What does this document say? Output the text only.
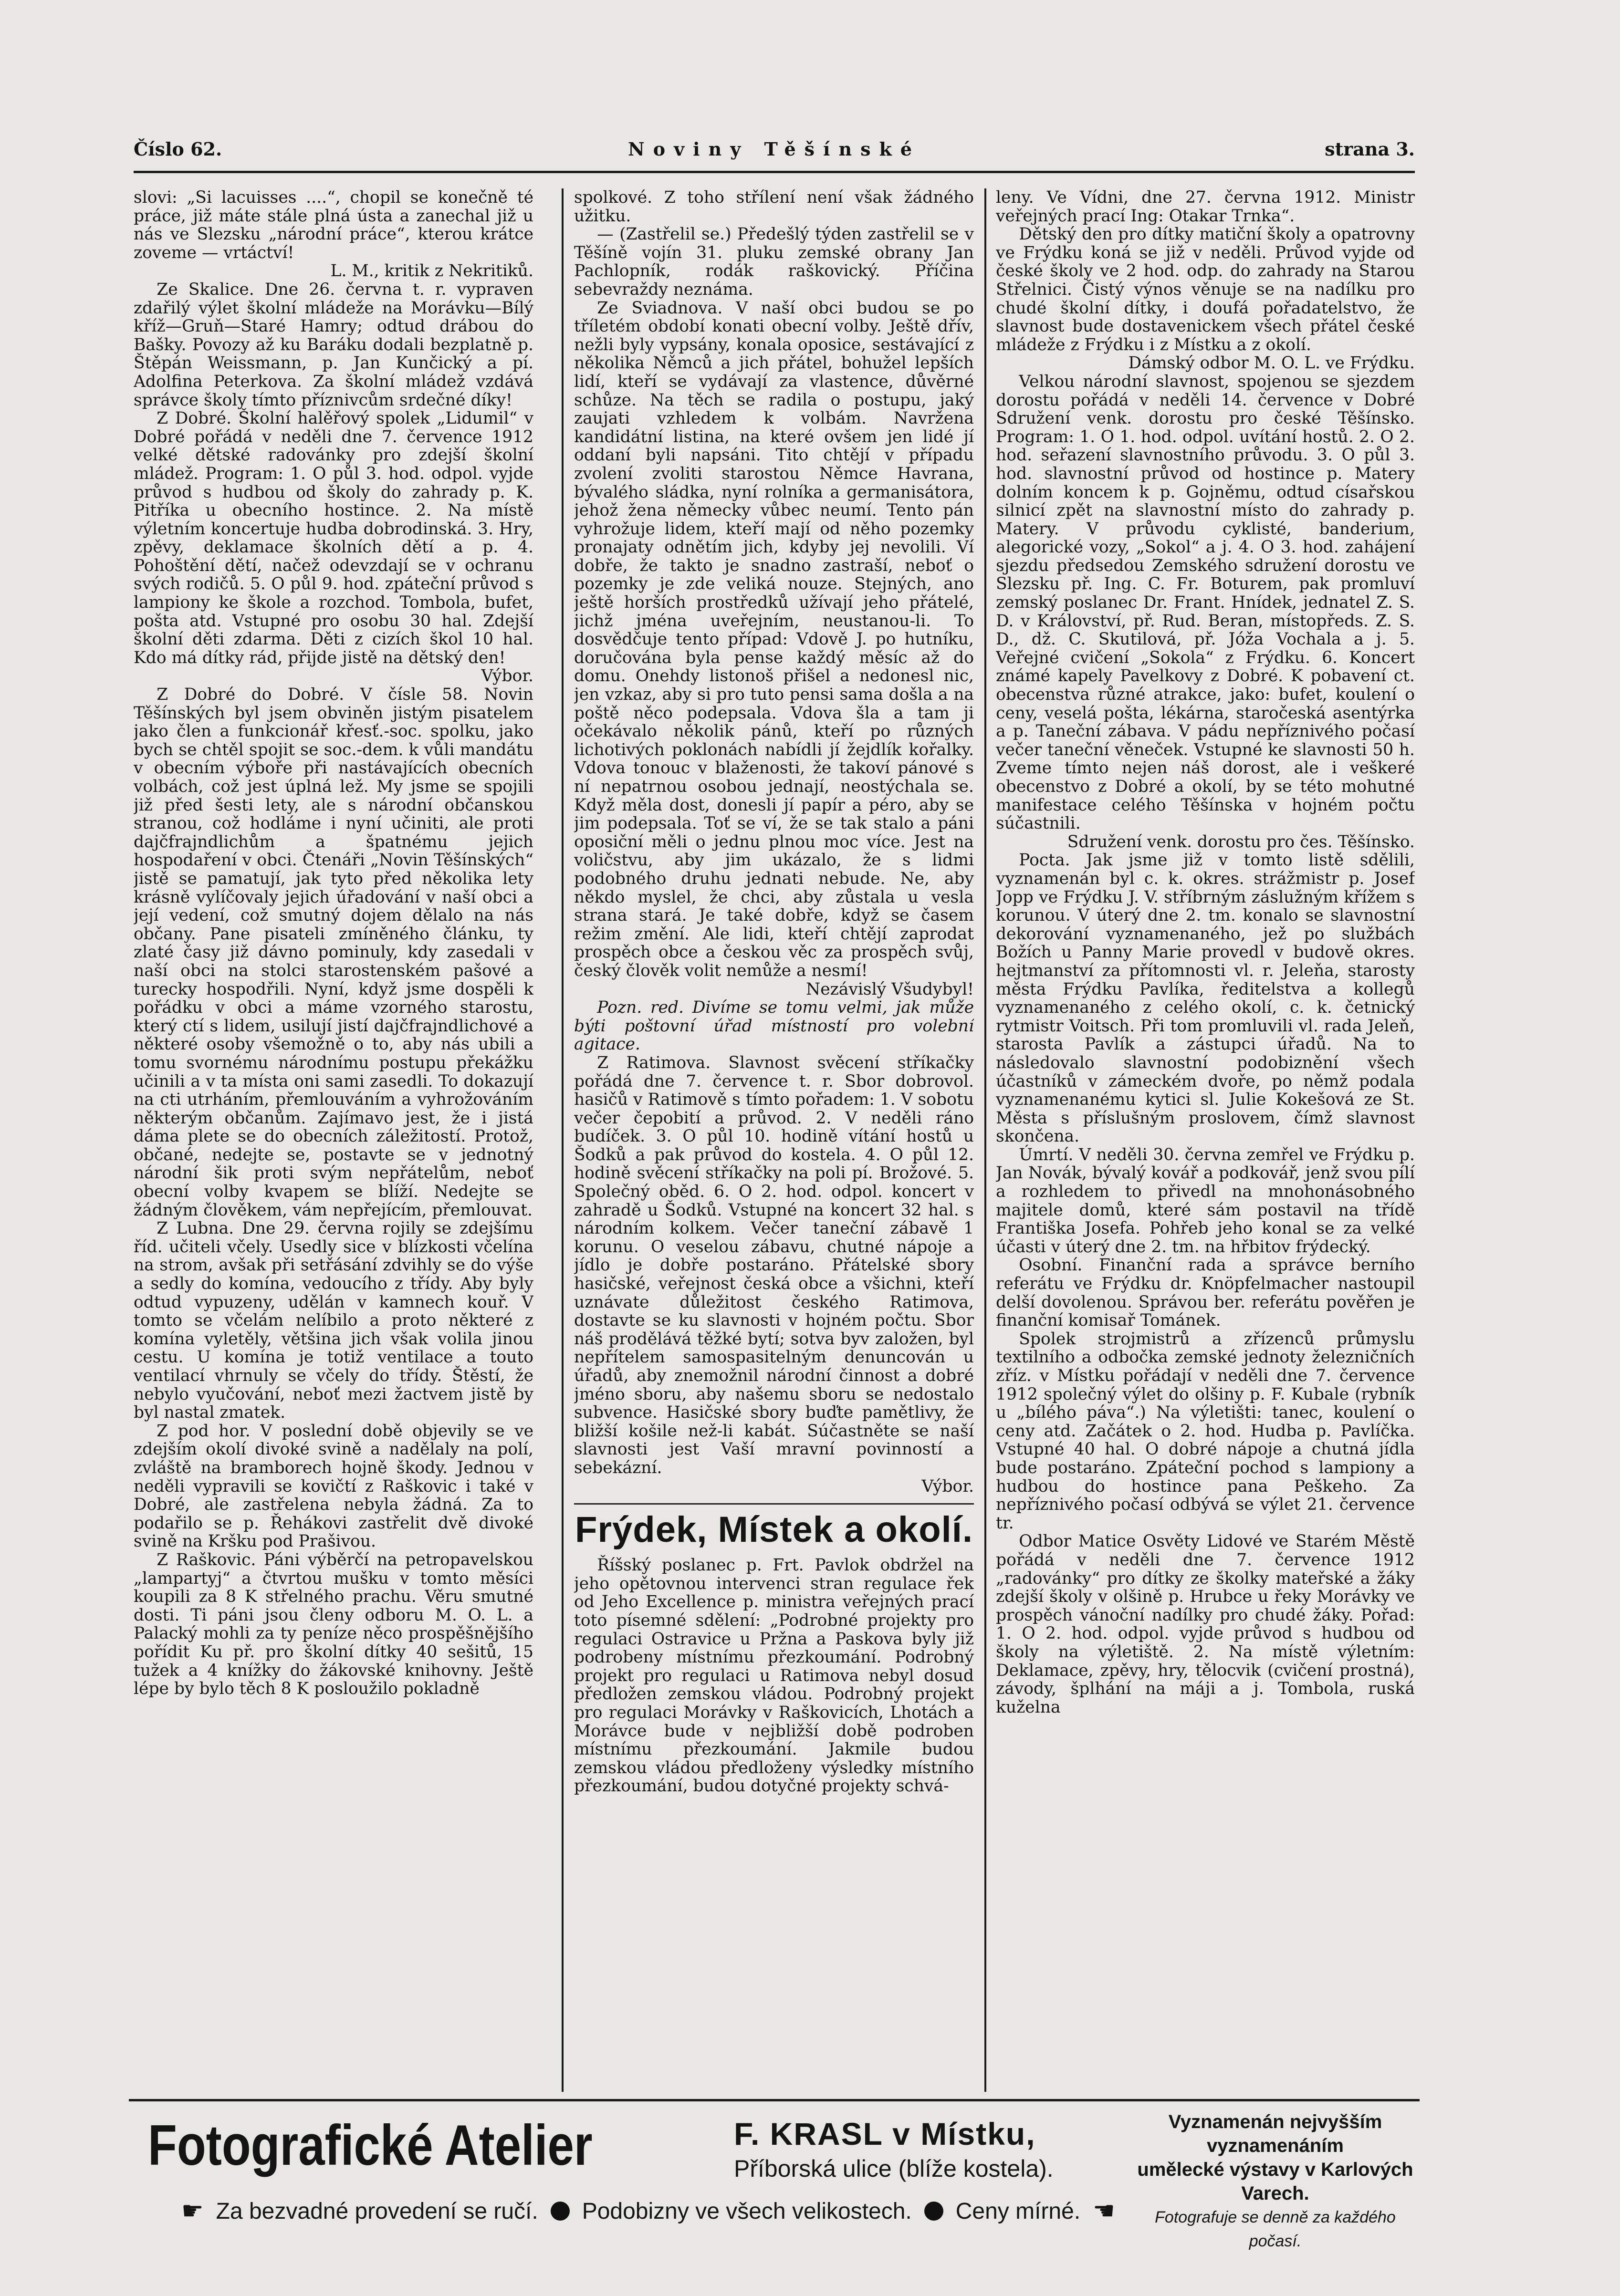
Číslo 62.	Noviny Těšínské	strana 3.

slovi: „Si lacuisses ....“, chopil se konečně té práce, již máte stále plná ústa a zanechal již u nás ve Slezsku „národní práce“, kterou krátce zoveme — vrtáctví!

L. M., kritik z Nekritiků.

Ze Skalice. Dne 26. června t. r. vypraven zdařilý výlet školní mládeže na Morávku—Bílý kříž—Gruň—Staré Hamry; odtud drábou do Bašky. Povozy až ku Baráku dodali bezplatně p. Štěpán Weissmann, p. Jan Kunčický a pí. Adolfina Peterkova. Za školní mládež vzdává správce školy tímto příznivcům srdečné díky!

Z Dobré. Školní halěřový spolek „Lidumil“ v Dobré pořádá v neděli dne 7. července 1912 velké dětské radovánky pro zdejší školní mládež. Program: 1. O půl 3. hod. odpol. vyjde průvod s hudbou od školy do zahrady p. K. Pitříka u obecního hostince. 2. Na místě výletním koncertuje hudba dobrodinská. 3. Hry, zpěvy, deklamace školních dětí a p. 4. Pohoštění dětí, načež odevzdají se v ochranu svých rodičů. 5. O půl 9. hod. zpáteční průvod s lampiony ke škole a rozchod. Tombola, bufet, pošta atd. Vstupné pro osobu 30 hal. Zdejší školní děti zdarma. Děti z cizích škol 10 hal. Kdo má dítky rád, přijde jistě na dětský den!

Výbor.

Z Dobré do Dobré. V čísle 58. Novin Těšínských byl jsem obviněn jistým pisatelem jako člen a funkcionář křesť.-soc. spolku, jako bych se chtěl spojit se soc.-dem. k vůli mandátu v obecním výboře při nastávajících obecních volbách, což jest úplná lež. My jsme se spojili již před šesti lety, ale s národní občanskou stranou, což hodláme i nyní učiniti, ale proti dajčfrajndlichům a špatnému jejich hospodaření v obci. Čtenáři „Novin Těšínských“ jistě se pamatují, jak tyto před několika lety krásně vylíčovaly jejich úřadování v naší obci a její vedení, což smutný dojem dělalo na nás občany. Pane pisateli zmíněného článku, ty zlaté časy již dávno pominuly, kdy zasedali v naší obci na stolci starostenském pašové a turecky hospodřili. Nyní, když jsme dospěli k pořádku v obci a máme vzorného starostu, který ctí s lidem, usilují jistí dajčfrajndlichové a některé osoby všemožně o to, aby nás ubili a tomu svornému národnímu postupu překážku učinili a v ta místa oni sami zasedli. To dokazují na cti utrháním, přemlouváním a vyhrožováním některým občanům. Zajímavo jest, že i jistá dáma plete se do obecních záležitostí. Protož, občané, nedejte se, postavte se v jednotný národní šik proti svým nepřátelům, neboť obecní volby kvapem se blíží. Nedejte se žádným člověkem, vám nepřejícím, přemlouvat.

Z Lubna. Dne 29. června rojily se zdejšímu říd. učiteli včely. Usedly sice v blízkosti včelína na strom, avšak při setřásání zdvihly se do výše a sedly do komína, vedoucího z třídy. Aby byly odtud vypuzeny, udělán v kamnech kouř. V tomto se včelám nelíbilo a proto některé z komína vyletěly, většina jich však volila jinou cestu. U komína je totiž ventilace a touto ventilací vhrnuly se včely do třídy. Štěstí, že nebylo vyučování, neboť mezi žactvem jistě by byl nastal zmatek.

Z pod hor. V poslední době objevily se ve zdejším okolí divoké svině a nadělaly na polí, zvláště na bramborech hojně škody. Jednou v neděli vypravili se kovičtí z Raškovic i také v Dobré, ale zastřelena nebyla žádná. Za to podařilo se p. Řehákovi zastřelit dvě divoké svině na Kršku pod Prašivou.

Z Raškovic. Páni výběrčí na petropavelskou „lampartyj“ a čtvrtou mušku v tomto měsíci koupili za 8 K střelného prachu. Věru smutné dosti. Ti páni jsou členy odboru M. O. L. a Palacký mohli za ty peníze něco prospěšnějšího pořídit Ku př. pro školní dítky 40 sešitů, 15 tužek a 4 knížky do žákovské knihovny. Ještě lépe by bylo těch 8 K posloužilo pokladně

spolkové. Z toho střílení není však žádného užitku.

— (Zastřelil se.) Předešlý týden zastřelil se v Těšíně vojín 31. pluku zemské obrany Jan Pachlopník, rodák raškovický. Příčina sebevraždy neznáma.

Ze Sviadnova. V naší obci budou se po tříletém období konati obecní volby. Ještě dřív, nežli byly vypsány, konala oposice, sestávající z několika Němců a jich přátel, bohužel lepších lidí, kteří se vydávají za vlastence, důvěrné schůze. Na těch se radila o postupu, jaký zaujati vzhledem k volbám. Navržena kandidátní listina, na které ovšem jen lidé jí oddaní byli napsáni. Tito chtějí v případu zvolení zvoliti starostou Němce Havrana, bývalého sládka, nyní rolníka a germanisátora, jehož žena německy vůbec neumí. Tento pán vyhrožuje lidem, kteří mají od něho pozemky pronajaty odnětím jich, kdyby jej nevolili. Ví dobře, že takto je snadno zastraší, neboť o pozemky je zde veliká nouze. Stejných, ano ještě horších prostředků užívají jeho přátelé, jichž jména uveřejním, neustanou-li. To dosvědčuje tento případ: Vdově J. po hutníku, doručována byla pense každý měsíc až do domu. Onehdy listonoš přišel a nedonesl nic, jen vzkaz, aby si pro tuto pensi sama došla a na poště něco podepsala. Vdova šla a tam ji očekávalo několik pánů, kteří po různých lichotivých poklonách nabídli jí žejdlík kořalky. Vdova tonouc v blaženosti, že takoví pánové s ní nepatrnou osobou jednají, neostýchala se. Když měla dost, donesli jí papír a péro, aby se jim podepsala. Toť se ví, že se tak stalo a páni oposiční měli o jednu plnou moc více. Jest na voličstvu, aby jim ukázalo, že s lidmi podobného druhu jednati nebude. Ne, aby někdo myslel, že chci, aby zůstala u vesla strana stará. Je také dobře, když se časem režim změní. Ale lidi, kteří chtějí zaprodat prospěch obce a českou věc za prospěch svůj, český člověk volit nemůže a nesmí!

Nezávislý Všudybyl!

Pozn. red. Divíme se tomu velmi, jak může býti poštovní úřad místností pro volební agitace.

Z Ratimova. Slavnost svěcení stříkačky pořádá dne 7. července t. r. Sbor dobrovol. hasičů v Ratimově s tímto pořadem: 1. V sobotu večer čepobití a průvod. 2. V neděli ráno budíček. 3. O půl 10. hodině vítání hostů u Šodků a pak průvod do kostela. 4. O půl 12. hodině svěcení stříkačky na poli pí. Brožové. 5. Společný oběd. 6. O 2. hod. odpol. koncert v zahradě u Šodků. Vstupné na koncert 32 hal. s národním kolkem. Večer taneční zábavě 1 korunu. O veselou zábavu, chutné nápoje a jídlo je dobře postaráno. Přátelské sbory hasičské, veřejnost česká obce a všichni, kteří uznávate důležitost českého Ratimova, dostavte se ku slavnosti v hojném počtu. Sbor náš prodělává těžké bytí; sotva byv založen, byl nepřítelem samospasitelným denuncován u úřadů, aby znemožnil národní činnost a dobré jméno sboru, aby našemu sboru se nedostalo subvence. Hasičské sbory buďte pamětlivy, že bližší košile než-li kabát. Súčastněte se naší slavnosti jest Vaší mravní povinností a sebekázní.

Výbor.
Frýdek, Místek a okolí.

Říšský poslanec p. Frt. Pavlok obdržel na jeho opětovnou intervenci stran regulace řek od Jeho Excellence p. ministra veřejných prací toto písemné sdělení: „Podrobné projekty pro regulaci Ostravice u Pržna a Paskova byly již podrobeny místnímu přezkoumání. Podrobný projekt pro regulaci u Ratimova nebyl dosud předložen zemskou vládou. Podrobný projekt pro regulaci Morávky v Raškovicích, Lhotách a Morávce bude v nejbližší době podroben místnímu přezkoumání. Jakmile budou zemskou vládou předloženy výsledky místního přezkoumání, budou dotyčné projekty schvá-

leny. Ve Vídni, dne 27. června 1912. Ministr veřejných prací Ing: Otakar Trnka“.

Dětský den pro dítky matiční školy a opatrovny ve Frýdku koná se již v neděli. Průvod vyjde od české školy ve 2 hod. odp. do zahrady na Starou Střelnici. Čistý výnos věnuje se na nadílku pro chudé školní dítky, i doufá pořadatelstvo, že slavnost bude dostavenickem všech přátel české mládeže z Frýdku i z Místku a z okolí.

Dámský odbor M. O. L. ve Frýdku.

Velkou národní slavnost, spojenou se sjezdem dorostu pořádá v neděli 14. července v Dobré Sdružení venk. dorostu pro české Těšínsko. Program: 1. O 1. hod. odpol. uvítání hostů. 2. O 2. hod. seřazení slavnostního průvodu. 3. O půl 3. hod. slavnostní průvod od hostince p. Matery dolním koncem k p. Gojněmu, odtud císařskou silnicí zpět na slavnostní místo do zahrady p. Matery. V průvodu cyklisté, banderium, alegorické vozy, „Sokol“ a j. 4. O 3. hod. zahájení sjezdu předsedou Zemského sdružení dorostu ve Slezsku př. Ing. C. Fr. Boturem, pak promluví zemský poslanec Dr. Frant. Hnídek, jednatel Z. S. D. v Království, př. Rud. Beran, místopředs. Z. S. D., dž. C. Skutilová, př. Jóža Vochala a j. 5. Veřejné cvičení „Sokola“ z Frýdku. 6. Koncert známé kapely Pavelkovy z Dobré. K pobavení ct. obecenstva různé atrakce, jako: bufet, koulení o ceny, veselá pošta, lékárna, staročeská asentýrka a p. Taneční zábava. V pádu nepříznivého počasí večer taneční věneček. Vstupné ke slavnosti 50 h. Zveme tímto nejen náš dorost, ale i veškeré obecenstvo z Dobré a okolí, by se této mohutné manifestace celého Těšínska v hojném počtu súčastnili.

Sdružení venk. dorostu pro čes. Těšínsko.

Pocta. Jak jsme již v tomto listě sdělili, vyznamenán byl c. k. okres. strážmistr p. Josef Jopp ve Frýdku J. V. stříbrným záslužným křížem s korunou. V úterý dne 2. tm. konalo se slavnostní dekorování vyznamenaného, jež po službách Božích u Panny Marie provedl v budově okres. hejtmanství za přítomnosti vl. r. Jeleňa, starosty města Frýdku Pavlíka, ředitelstva a kollegů vyznamenaného z celého okolí, c. k. četnický rytmistr Voitsch. Při tom promluvili vl. rada Jeleň, starosta Pavlík a zástupci úřadů. Na to následovalo slavnostní podobiznění všech účastníků v zámeckém dvoře, po němž podala vyznamenanému kytici sl. Julie Kokešová ze St. Města s příslušným proslovem, čímž slavnost skončena.

Úmrtí. V neděli 30. června zemřel ve Frýdku p. Jan Novák, bývalý kovář a podkovář, jenž svou pílí a rozhledem to přivedl na mnohonásobného majitele domů, které sám postavil na třídě Františka Josefa. Pohřeb jeho konal se za velké účasti v úterý dne 2. tm. na hřbitov frýdecký.

Osobní. Finanční rada a správce berního referátu ve Frýdku dr. Knöpfelmacher nastoupil delší dovolenou. Správou ber. referátu pověřen je finanční komisař Tománek.

Spolek strojmistrů a zřízenců průmyslu textilního a odbočka zemské jednoty železničních zříz. v Místku pořádají v neděli dne 7. července 1912 společný výlet do olšiny p. F. Kubale (rybník u „bílého páva“.) Na výletišti: tanec, koulení o ceny atd. Začátek o 2. hod. Hudba p. Pavlíčka. Vstupné 40 hal. O dobré nápoje a chutná jídla bude postaráno. Zpáteční pochod s lampiony a hudbou do hostince pana Peškeho. Za nepříznivého počasí odbývá se výlet 21. července tr.

Odbor Matice Osvěty Lidové ve Starém Městě pořádá v neděli dne 7. července 1912 „radovánky“ pro dítky ze školky mateřské a žáky zdejší školy v olšině p. Hrubce u řeky Morávky ve prospěch vánoční nadílky pro chudé žáky. Pořad: 1. O 2. hod. odpol. vyjde průvod s hudbou od školy na výletiště. 2. Na místě výletním: Deklamace, zpěvy, hry, tělocvik (cvičení prostná), závody, šplhání na máji a j. Tombola, ruská kuželna

Fotografické Atelier	F. KRASL v Místku,
Příborská ulice (blíže kostela).
Vyznamenán nejvyšším vyznamenáním
umělecké výstavy v Karlových Varech.
Fotografuje se denně za každého počasí.
☛ Za bezvadné provedení se ručí. Podobizny ve všech velikostech. Ceny mírné. ☚
